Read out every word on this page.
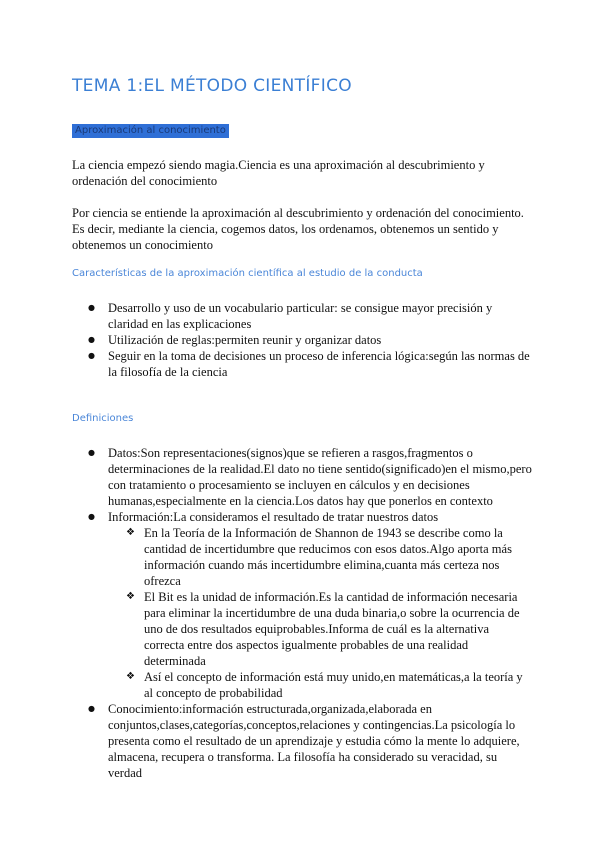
TEMA 1:EL MÉTODO CIENTÍFICO
Aproximación al conocimiento

La ciencia empezó siendo magia.Ciencia es una aproximación al descubrimiento y ordenación del conocimiento

Por ciencia se entiende la aproximación al descubrimiento y ordenación del conocimiento. Es decir, mediante la ciencia, cogemos datos, los ordenamos, obtenemos un sentido y obtenemos un conocimiento

Características de la aproximación científica al estudio de la conducta
● Desarrollo y uso de un vocabulario particular: se consigue mayor precisión y claridad en las explicaciones
● Utilización de reglas:permiten reunir y organizar datos
● Seguir en la toma de decisiones un proceso de inferencia lógica:según las normas de la filosofía de la ciencia
Definiciones
● Datos:Son representaciones(signos)que se refieren a rasgos,fragmentos o determinaciones de la realidad.El dato no tiene sentido(significado)en el mismo,pero con tratamiento o procesamiento se incluyen en cálculos y en decisiones humanas,especialmente en la ciencia.Los datos hay que ponerlos en contexto
● Información:La consideramos el resultado de tratar nuestros datos
❖ En la Teoría de la Información de Shannon de 1943 se describe como la cantidad de incertidumbre que reducimos con esos datos.Algo aporta más información cuando más incertidumbre elimina,cuanta más certeza nos ofrezca
❖ El Bit es la unidad de información.Es la cantidad de información necesaria para eliminar la incertidumbre de una duda binaria,o sobre la ocurrencia de uno de dos resultados equiprobables.Informa de cuál es la alternativa correcta entre dos aspectos igualmente probables de una realidad determinada
❖ Así el concepto de información está muy unido,en matemáticas,a la teoría y al concepto de probabilidad
● Conocimiento:información estructurada,organizada,elaborada en conjuntos,clases,categorías,conceptos,relaciones y contingencias.La psicología lo presenta como el resultado de un aprendizaje y estudia cómo la mente lo adquiere, almacena, recupera o transforma. La filosofía ha considerado su veracidad, su verdad
